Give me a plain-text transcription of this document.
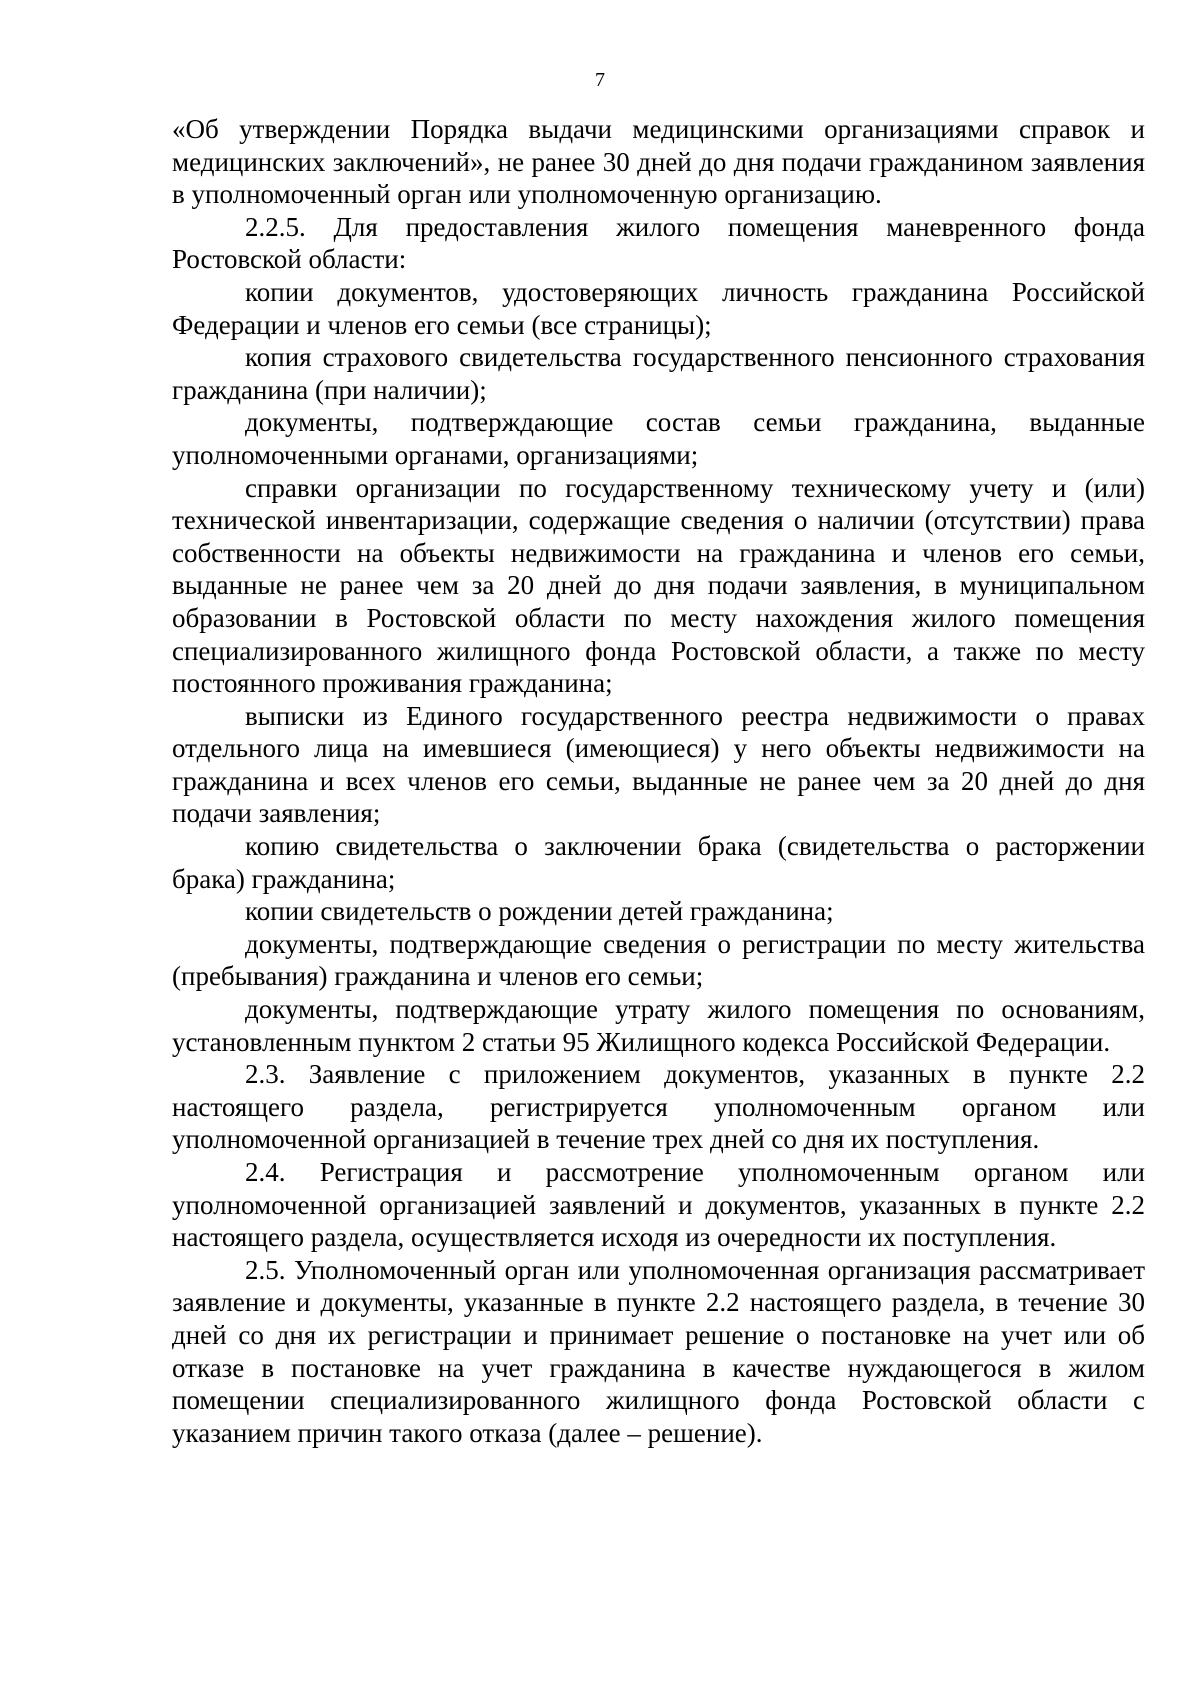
7

«Об утверждении Порядка выдачи медицинскими организациями справок и медицинских заключений», не ранее 30 дней до дня подачи гражданином заявления в уполномоченный орган или уполномоченную организацию.

2.2.5. Для предоставления жилого помещения маневренного фонда Ростовской области:

копии документов, удостоверяющих личность гражданина Российской Федерации и членов его семьи (все страницы);

копия страхового свидетельства государственного пенсионного страхования гражданина (при наличии);

документы, подтверждающие состав семьи гражданина, выданные уполномоченными органами, организациями;

справки организации по государственному техническому учету и (или) технической инвентаризации, содержащие сведения о наличии (отсутствии) права собственности на объекты недвижимости на гражданина и членов его семьи, выданные не ранее чем за 20 дней до дня подачи заявления, в муниципальном образовании в Ростовской области по месту нахождения жилого помещения специализированного жилищного фонда Ростовской области, а также по месту постоянного проживания гражданина;

выписки из Единого государственного реестра недвижимости о правах отдельного лица на имевшиеся (имеющиеся) у него объекты недвижимости на гражданина и всех членов его семьи, выданные не ранее чем за 20 дней до дня подачи заявления;

копию свидетельства о заключении брака (свидетельства о расторжении брака) гражданина;

копии свидетельств о рождении детей гражданина;

документы, подтверждающие сведения о регистрации по месту жительства (пребывания) гражданина и членов его семьи;

документы, подтверждающие утрату жилого помещения по основаниям, установленным пунктом 2 статьи 95 Жилищного кодекса Российской Федерации.

2.3. Заявление с приложением документов, указанных в пункте 2.2 настоящего раздела, регистрируется уполномоченным органом или уполномоченной организацией в течение трех дней со дня их поступления.

2.4. Регистрация и рассмотрение уполномоченным органом или уполномоченной организацией заявлений и документов, указанных в пункте 2.2 настоящего раздела, осуществляется исходя из очередности их поступления.

2.5. Уполномоченный орган или уполномоченная организация рассматривает заявление и документы, указанные в пункте 2.2 настоящего раздела, в течение 30 дней со дня их регистрации и принимает решение о постановке на учет или об отказе в постановке на учет гражданина в качестве нуждающегося в жилом помещении специализированного жилищного фонда Ростовской области с указанием причин такого отказа (далее – решение).
